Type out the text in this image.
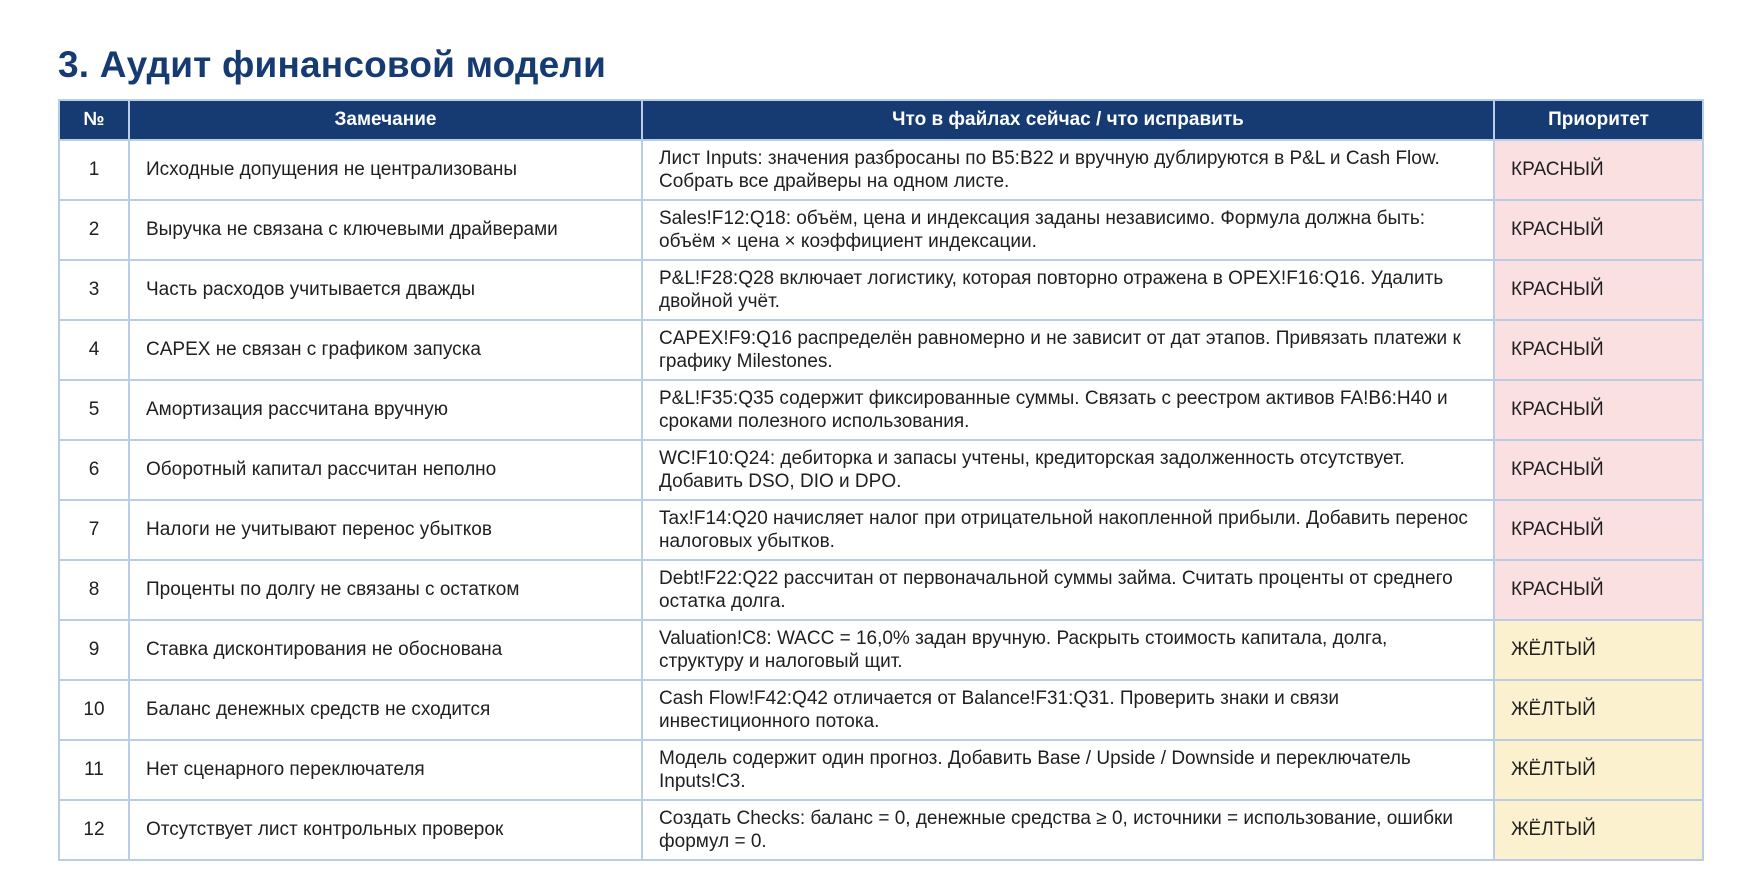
3. Аудит финансовой модели
№	Замечание	Что в файлах сейчас / что исправить	Приоритет
1	Исходные допущения не централизованы	Лист Inputs: значения разбросаны по B5:B22 и вручную дублируются в P&L и Cash Flow. Собрать все драйверы на одном листе.	КРАСНЫЙ
2	Выручка не связана с ключевыми драйверами	Sales!F12:Q18: объём, цена и индексация заданы независимо. Формула должна быть: объём × цена × коэффициент индексации.	КРАСНЫЙ
3	Часть расходов учитывается дважды	P&L!F28:Q28 включает логистику, которая повторно отражена в OPEX!F16:Q16. Удалить двойной учёт.	КРАСНЫЙ
4	CAPEX не связан с графиком запуска	CAPEX!F9:Q16 распределён равномерно и не зависит от дат этапов. Привязать платежи к графику Milestones.	КРАСНЫЙ
5	Амортизация рассчитана вручную	P&L!F35:Q35 содержит фиксированные суммы. Связать с реестром активов FA!B6:H40 и сроками полезного использования.	КРАСНЫЙ
6	Оборотный капитал рассчитан неполно	WC!F10:Q24: дебиторка и запасы учтены, кредиторская задолженность отсутствует. Добавить DSO, DIO и DPO.	КРАСНЫЙ
7	Налоги не учитывают перенос убытков	Tax!F14:Q20 начисляет налог при отрицательной накопленной прибыли. Добавить перенос налоговых убытков.	КРАСНЫЙ
8	Проценты по долгу не связаны с остатком	Debt!F22:Q22 рассчитан от первоначальной суммы займа. Считать проценты от среднего остатка долга.	КРАСНЫЙ
9	Ставка дисконтирования не обоснована	Valuation!C8: WACC = 16,0% задан вручную. Раскрыть стоимость капитала, долга, структуру и налоговый щит.	ЖЁЛТЫЙ
10	Баланс денежных средств не сходится	Cash Flow!F42:Q42 отличается от Balance!F31:Q31. Проверить знаки и связи инвестиционного потока.	ЖЁЛТЫЙ
11	Нет сценарного переключателя	Модель содержит один прогноз. Добавить Base / Upside / Downside и переключатель Inputs!C3.	ЖЁЛТЫЙ
12	Отсутствует лист контрольных проверок	Создать Checks: баланс = 0, денежные средства ≥ 0, источники = использование, ошибки формул = 0.	ЖЁЛТЫЙ
